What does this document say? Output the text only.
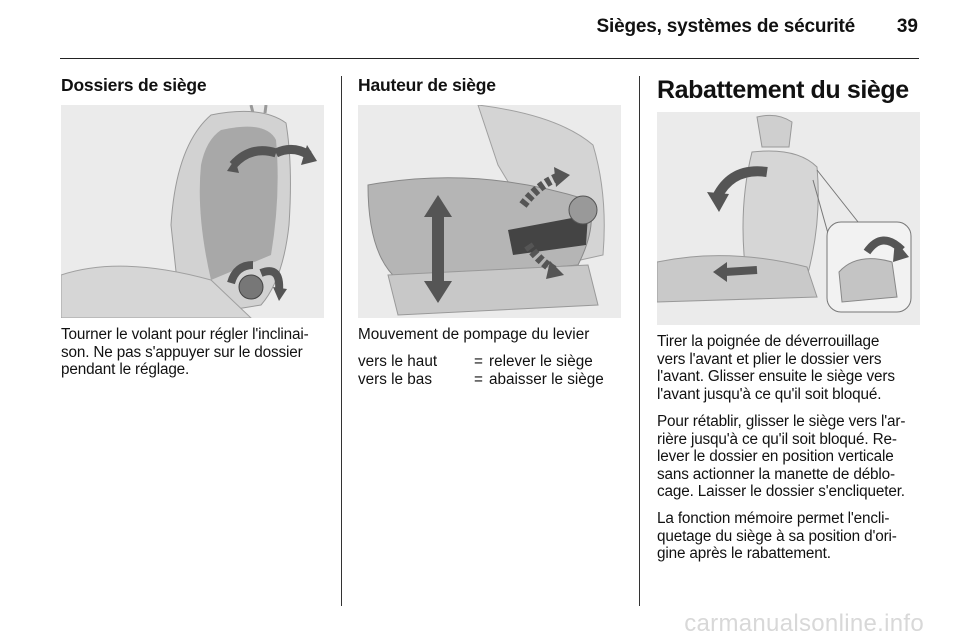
Sièges, systèmes de sécurité 39
Dossiers de siège

Tourner le volant pour régler l'inclinai-
son. Ne pas s'appuyer sur le dossier
pendant le réglage.

Hauteur de siège
Mouvement de pompage du levier
vers le haut	=	relever le siège
vers le bas	=	abaisser le siège
Rabattement du siège

Tirer la poignée de déverrouillage
vers l'avant et plier le dossier vers
l'avant. Glisser ensuite le siège vers
l'avant jusqu'à ce qu'il soit bloqué.

Pour rétablir, glisser le siège vers l'ar-
rière jusqu'à ce qu'il soit bloqué. Re-
lever le dossier en position verticale
sans actionner la manette de déblo-
cage. Laisser le dossier s'encliqueter.

La fonction mémoire permet l'encli-
quetage du siège à sa position d'ori-
gine après le rabattement.

carmanualsonline.info
